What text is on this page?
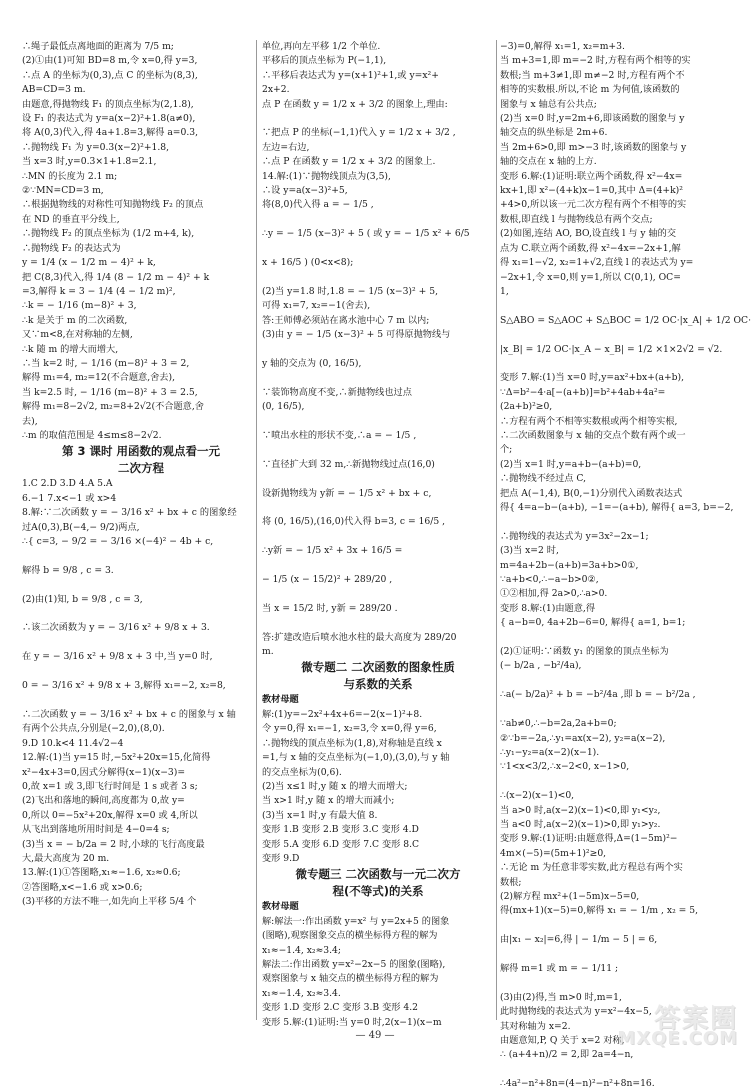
∴绳子最低点离地面的距离为 7/5 m;
(2)①由(1)可知 BD=8 m,令 x=0,得 y=3,
∴点 A 的坐标为(0,3),点 C 的坐标为(8,3),
AB=CD=3 m.
由题意,得抛物线 F₁ 的顶点坐标为(2,1.8),
设 F₁ 的表达式为 y=a(x−2)²+1.8(a≠0),
将 A(0,3)代入,得 4a+1.8=3,解得 a=0.3,
∴抛物线 F₁ 为 y=0.3(x−2)²+1.8,
当 x=3 时,y=0.3×1+1.8=2.1,
∴MN 的长度为 2.1 m;
②∵MN=CD=3 m,
∴根据抛物线的对称性可知抛物线 F₂ 的顶点
在 ND 的垂直平分线上,
∴抛物线 F₂ 的顶点坐标为 (1/2 m+4, k),
∴抛物线 F₂ 的表达式为
y = 1/4 (x − 1/2 m − 4)² + k,
把 C(8,3)代入,得 1/4 (8 − 1/2 m − 4)² + k
=3,解得 k = 3 − 1/4 (4 − 1/2 m)²,
∴k = − 1/16 (m−8)² + 3,
∴k 是关于 m 的二次函数,
又∵m<8,在对称轴的左侧,
∴k 随 m 的增大而增大,
∴当 k=2 时, − 1/16 (m−8)² + 3 = 2,
解得 m₁=4, m₂=12(不合题意,舍去),
当 k=2.5 时, − 1/16 (m−8)² + 3 = 2.5,
解得 m₁=8−2√2, m₂=8+2√2(不合题意,舍
去),
∴m 的取值范围是 4≤m≤8−2√2.
第 3 课时 用函数的观点看一元
二次方程
1.C 2.D 3.D 4.A 5.A
6.−1 7.x<−1 或 x>4
8.解:∵二次函数 y = − 3/16 x² + bx + c 的图象经
过A(0,3),B(−4,− 9/2)两点,
∴{ c=3, − 9/2 = − 3/16 ×(−4)² − 4b + c,

解得 b = 9/8 , c = 3.

(2)由(1)知, b = 9/8 , c = 3,

∴该二次函数为 y = − 3/16 x² + 9/8 x + 3.

在 y = − 3/16 x² + 9/8 x + 3 中,当 y=0 时,

0 = − 3/16 x² + 9/8 x + 3,解得 x₁=−2, x₂=8,

∴二次函数 y = − 3/16 x² + bx + c 的图象与 x 轴
有两个公共点,分别是(−2,0),(8,0).
9.D 10.k<4 11.4√2−4
12.解:(1)当 y=15 时,−5x²+20x=15,化简得
x²−4x+3=0,因式分解得(x−1)(x−3)=
0,故 x=1 或 3,即飞行时间是 1 s 或者 3 s;
(2)飞出和落地的瞬间,高度都为 0,故 y=
0,所以 0=−5x²+20x,解得 x=0 或 4,所以
从飞出到落地所用时间是 4−0=4 s;
(3)当 x = − b/2a = 2 时,小球的飞行高度最
大,最大高度为 20 m.
13.解:(1)①答图略,x₁≈−1.6, x₂≈0.6;
②答图略,x<−1.6 或 x>0.6;
(3)平移的方法不唯一,如先向上平移 5/4 个
单位,再向左平移 1/2 个单位.
平移后的顶点坐标为 P(−1,1),
∴平移后表达式为 y=(x+1)²+1,或 y=x²+
2x+2.
点 P 在函数 y = 1/2 x + 3/2 的图象上,理由:

∵把点 P 的坐标(−1,1)代入 y = 1/2 x + 3/2 ,
左边=右边,
∴点 P 在函数 y = 1/2 x + 3/2 的图象上.
14.解:(1)∵抛物线顶点为(3,5),
∴设 y=a(x−3)²+5,
将(8,0)代入得 a = − 1/5 ,

∴y = − 1/5 (x−3)² + 5 ( 或 y = − 1/5 x² + 6/5

x + 16/5 ) (0<x<8);

(2)当 y=1.8 时,1.8 = − 1/5 (x−3)² + 5,
可得 x₁=7, x₂=−1(舍去),
答:王师傅必须站在离水池中心 7 m 以内;
(3)由 y = − 1/5 (x−3)² + 5 可得原抛物线与

y 轴的交点为 (0, 16/5),

∵装饰物高度不变,∴新抛物线也过点
(0, 16/5),

∵喷出水柱的形状不变,∴a = − 1/5 ,

∵直径扩大到 32 m,∴新抛物线过点(16,0)

设新抛物线为 y新 = − 1/5 x² + bx + c,

将 (0, 16/5),(16,0)代入得 b=3, c = 16/5 ,

∴y新 = − 1/5 x² + 3x + 16/5 =

− 1/5 (x − 15/2)² + 289/20 ,

当 x = 15/2 时, y新 = 289/20 .

答:扩建改造后喷水池水柱的最大高度为 289/20
m.
微专题二 二次函数的图象性质
与系数的关系
教材母题
解:(1)y=−2x²+4x+6=−2(x−1)²+8.
令 y=0,得 x₁=−1, x₂=3,令 x=0,得 y=6,
∴抛物线的顶点坐标为(1,8),对称轴是直线 x
=1,与 x 轴的交点坐标为(−1,0),(3,0),与 y 轴
的交点坐标为(0,6).
(2)当 x≤1 时,y 随 x 的增大而增大;
当 x>1 时,y 随 x 的增大而减小;
(3)当 x=1 时,y 有最大值 8.
变形 1.B 变形 2.B 变形 3.C 变形 4.D
变形 5.A 变形 6.D 变形 7.C 变形 8.C
变形 9.D
微专题三 二次函数与一元二次方
程(不等式)的关系
教材母题
解:解法一:作出函数 y=x² 与 y=2x+5 的图象
(图略),观察图象交点的横坐标得方程的解为
x₁≈−1.4, x₂≈3.4;
解法二:作出函数 y=x²−2x−5 的图象(图略),
观察图象与 x 轴交点的横坐标得方程的解为
x₁≈−1.4, x₂≈3.4.
变形 1.D 变形 2.C 变形 3.B 变形 4.2
变形 5.解:(1)证明:当 y=0 时,2(x−1)(x−m
−3)=0,解得 x₁=1, x₂=m+3.
当 m+3=1,即 m=−2 时,方程有两个相等的实
数根;当 m+3≠1,即 m≠−2 时,方程有两个不
相等的实数根.所以,不论 m 为何值,该函数的
图象与 x 轴总有公共点;
(2)当 x=0 时,y=2m+6,即该函数的图象与 y
轴交点的纵坐标是 2m+6.
当 2m+6>0,即 m>−3 时,该函数的图象与 y
轴的交点在 x 轴的上方.
变形 6.解:(1)证明:联立两个函数,得 x²−4x=
kx+1,即 x²−(4+k)x−1=0,其中 Δ=(4+k)²
+4>0,所以该一元二次方程有两个不相等的实
数根,即直线 l 与抛物线总有两个交点;
(2)如图,连结 AO, BO,设直线 l 与 y 轴的交
点为 C.联立两个函数,得 x²−4x=−2x+1,解
得 x₁=1−√2, x₂=1+√2,直线 l 的表达式为 y=
−2x+1,令 x=0,则 y=1,所以 C(0,1), OC=
1,

S△ABO = S△AOC + S△BOC = 1/2 OC·|x_A| + 1/2 OC·

|x_B| = 1/2 OC·|x_A − x_B| = 1/2 ×1×2√2 = √2.

变形 7.解:(1)当 x=0 时,y=ax²+bx+(a+b),
∵Δ=b²−4·a[−(a+b)]=b²+4ab+4a²=
(2a+b)²≥0,
∴方程有两个不相等实数根或两个相等实根,
∴二次函数图象与 x 轴的交点个数有两个或一
个;
(2)当 x=1 时,y=a+b−(a+b)=0,
∴抛物线不经过点 C,
把点 A(−1,4), B(0,−1)分别代入函数表达式
得{ 4=a−b−(a+b), −1=−(a+b), 解得{ a=3, b=−2,

∴抛物线的表达式为 y=3x²−2x−1;
(3)当 x=2 时,
m=4a+2b−(a+b)=3a+b>0①,
∵a+b<0,∴−a−b>0②,
①②相加,得 2a>0,∴a>0.
变形 8.解:(1)由题意,得
{ a−b=0, 4a+2b−6=0, 解得{ a=1, b=1;

(2)①证明:∵函数 y₁ 的图象的顶点坐标为
(− b/2a , −b²/4a),

∴a(− b/2a)² + b = −b²/4a ,即 b = − b²/2a ,

∵ab≠0,∴−b=2a,2a+b=0;
②∵b=−2a,∴y₁=ax(x−2), y₂=a(x−2),
∴y₁−y₂=a(x−2)(x−1).
∵1<x<3/2,∴x−2<0, x−1>0,

∴(x−2)(x−1)<0,
当 a>0 时,a(x−2)(x−1)<0,即 y₁<y₂,
当 a<0 时,a(x−2)(x−1)>0,即 y₁>y₂.
变形 9.解:(1)证明:由题意得,Δ=(1−5m)²−
4m×(−5)=(5m+1)²≥0,
∴无论 m 为任意非零实数,此方程总有两个实
数根;
(2)解方程 mx²+(1−5m)x−5=0,
得(mx+1)(x−5)=0,解得 x₁ = − 1/m , x₂ = 5,

由|x₁ − x₂|=6,得 | − 1/m − 5 | = 6,

解得 m=1 或 m = − 1/11 ;

(3)由(2)得,当 m>0 时,m=1,
此时抛物线的表达式为 y=x²−4x−5,
其对称轴为 x=2.
由题意知,P, Q 关于 x=2 对称,
∴ (a+4+n)/2 = 2,即 2a=4−n,

∴4a²−n²+8n=(4−n)²−n²+8n=16.
— 49 —
答案圈
MXQE.COM
